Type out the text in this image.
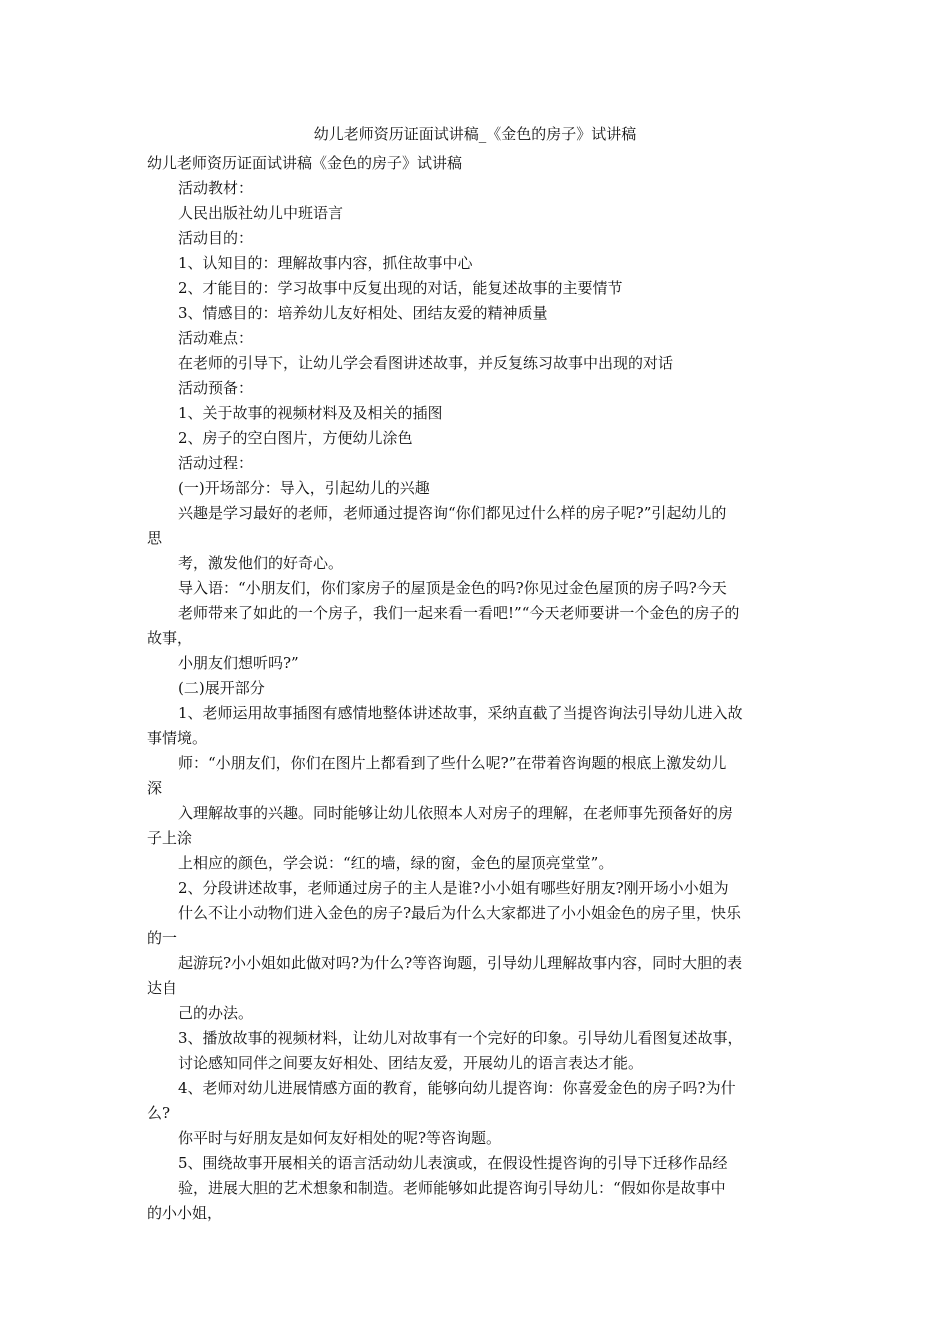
幼儿老师资历证面试讲稿_《金色的房子》试讲稿
幼儿老师资历证面试讲稿《金色的房子》试讲稿
活动教材：
人民出版社幼儿中班语言
活动目的：
1、认知目的：理解故事内容，抓住故事中心
2、才能目的：学习故事中反复出现的对话，能复述故事的主要情节
3、情感目的：培养幼儿友好相处、团结友爱的精神质量
活动难点：
在老师的引导下，让幼儿学会看图讲述故事，并反复练习故事中出现的对话
活动预备：
1、关于故事的视频材料及及相关的插图
2、房子的空白图片，方便幼儿涂色
活动过程：
(一)开场部分：导入，引起幼儿的兴趣
兴趣是学习最好的老师，老师通过提咨询“你们都见过什么样的房子呢?”引起幼儿的
思
考，激发他们的好奇心。
导入语：“小朋友们，你们家房子的屋顶是金色的吗?你见过金色屋顶的房子吗?今天
老师带来了如此的一个房子，我们一起来看一看吧!”“今天老师要讲一个金色的房子的
故事，
小朋友们想听吗?”
(二)展开部分
1、老师运用故事插图有感情地整体讲述故事，采纳直截了当提咨询法引导幼儿进入故
事情境。
师：“小朋友们，你们在图片上都看到了些什么呢?”在带着咨询题的根底上激发幼儿
深
入理解故事的兴趣。同时能够让幼儿依照本人对房子的理解，在老师事先预备好的房
子上涂
上相应的颜色，学会说：“红的墙，绿的窗，金色的屋顶亮堂堂”。
2、分段讲述故事，老师通过房子的主人是谁?小小姐有哪些好朋友?刚开场小小姐为
什么不让小动物们进入金色的房子?最后为什么大家都进了小小姐金色的房子里，快乐
的一
起游玩?小小姐如此做对吗?为什么?等咨询题，引导幼儿理解故事内容，同时大胆的表
达自
己的办法。
3、播放故事的视频材料，让幼儿对故事有一个完好的印象。引导幼儿看图复述故事，
讨论感知同伴之间要友好相处、团结友爱，开展幼儿的语言表达才能。
4、老师对幼儿进展情感方面的教育，能够向幼儿提咨询：你喜爱金色的房子吗?为什
么?
你平时与好朋友是如何友好相处的呢?等咨询题。
5、围绕故事开展相关的语言活动幼儿表演或，在假设性提咨询的引导下迁移作品经
验，进展大胆的艺术想象和制造。老师能够如此提咨询引导幼儿：“假如你是故事中
的小小姐，
